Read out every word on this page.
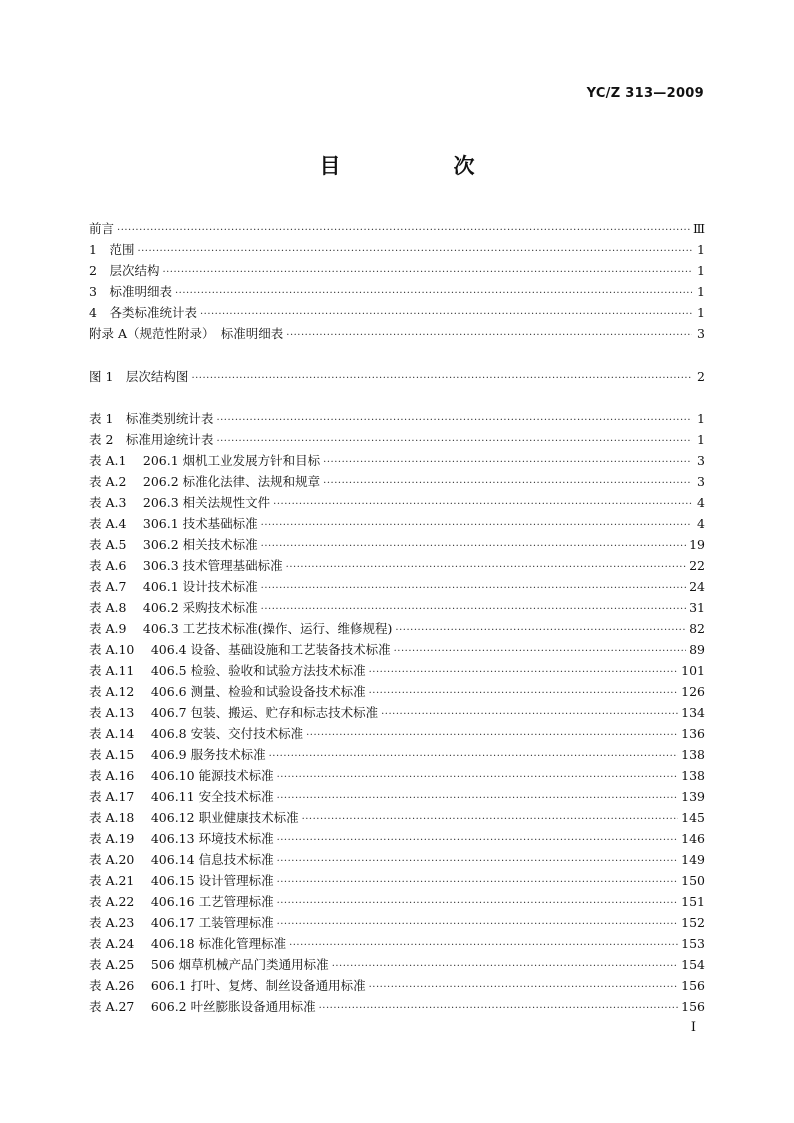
YC/Z 313—2009
目　次
前言 ·····	Ⅲ
1　范围 ·····	1
2　层次结构 ·····	1
3　标准明细表 ·····	1
4　各类标准统计表 ·····	1
附录 A（规范性附录）　标准明细表 ·····	3
图 1　层次结构图 ·····	2
表 1　标准类别统计表 ·····	1
表 2　标准用途统计表 ·····	1
表 A.1　 206.1 烟机工业发展方针和目标 ·····	3
表 A.2　 206.2 标准化法律、法规和规章 ·····	3
表 A.3　 206.3 相关法规性文件 ·····	4
表 A.4　 306.1 技术基础标准 ·····	4
表 A.5　 306.2 相关技术标准 ·····	19
表 A.6　 306.3 技术管理基础标准 ·····	22
表 A.7　 406.1 设计技术标准 ·····	24
表 A.8　 406.2 采购技术标准 ·····	31
表 A.9　 406.3 工艺技术标准(操作、运行、维修规程) ·····	82
表 A.10　 406.4 设备、基础设施和工艺装备技术标准 ·····	89
表 A.11　 406.5 检验、验收和试验方法技术标准 ·····	101
表 A.12　 406.6 测量、检验和试验设备技术标准 ·····	126
表 A.13　 406.7 包装、搬运、贮存和标志技术标准 ·····	134
表 A.14　 406.8 安装、交付技术标准 ·····	136
表 A.15　 406.9 服务技术标准 ·····	138
表 A.16　 406.10 能源技术标准 ·····	138
表 A.17　 406.11 安全技术标准 ·····	139
表 A.18　 406.12 职业健康技术标准 ·····	145
表 A.19　 406.13 环境技术标准 ·····	146
表 A.20　 406.14 信息技术标准 ·····	149
表 A.21　 406.15 设计管理标准 ·····	150
表 A.22　 406.16 工艺管理标准 ·····	151
表 A.23　 406.17 工装管理标准 ·····	152
表 A.24　 406.18 标准化管理标准 ·····	153
表 A.25　 506 烟草机械产品门类通用标准 ·····	154
表 A.26　 606.1 打叶、复烤、制丝设备通用标准 ·····	156
表 A.27　 606.2 叶丝膨胀设备通用标准 ·····	156
I
